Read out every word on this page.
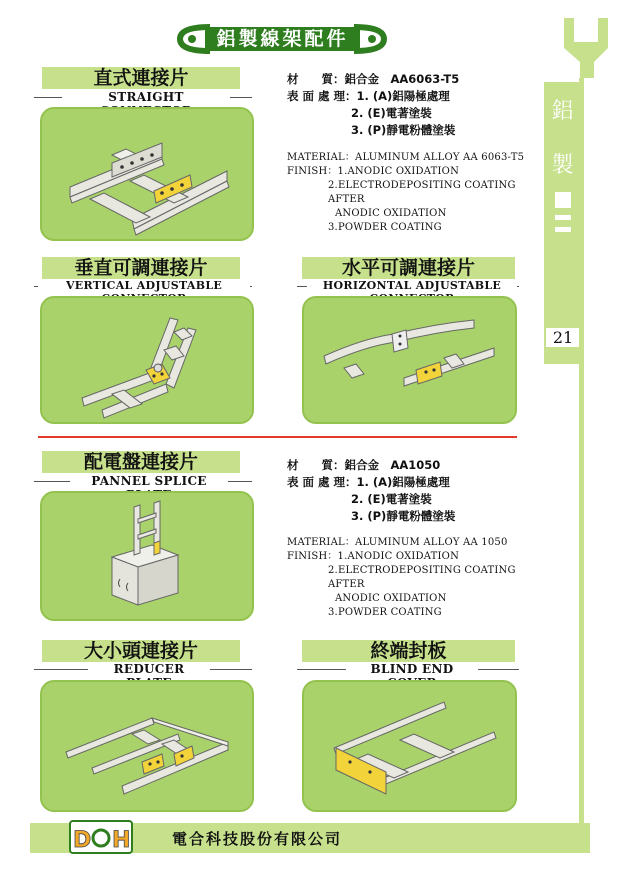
鋁製線架配件
鋁
製
21
直式連接片
STRAIGHT
材　　質：鋁合金　AA6063-T5
表 面 處 理：1. (A)鋁陽極處理
2. (E)電著塗裝
3. (P)靜電粉體塗裝
MATERIAL：ALUMINUM ALLOY AA 6063-T5
FINISH：1.ANODIC OXIDATION
2.ELECTRODEPOSITING COATING AFTER
ANODIC OXIDATION
3.POWDER COATING
垂直可調連接片
VERTICAL ADJUSTABLE
水平可調連接片
HORIZONTAL ADJUSTABLE
配電盤連接片
PANNEL SPLICE
材　　質：鋁合金　AA1050
表 面 處 理：1. (A)鋁陽極處理
2. (E)電著塗裝
3. (P)靜電粉體塗裝
MATERIAL：ALUMINUM ALLOY AA 1050
FINISH：1.ANODIC OXIDATION
2.ELECTRODEPOSITING COATING AFTER
ANODIC OXIDATION
3.POWDER COATING
大小頭連接片
REDUCER
終端封板
BLIND END
D H	電合科技股份有限公司
